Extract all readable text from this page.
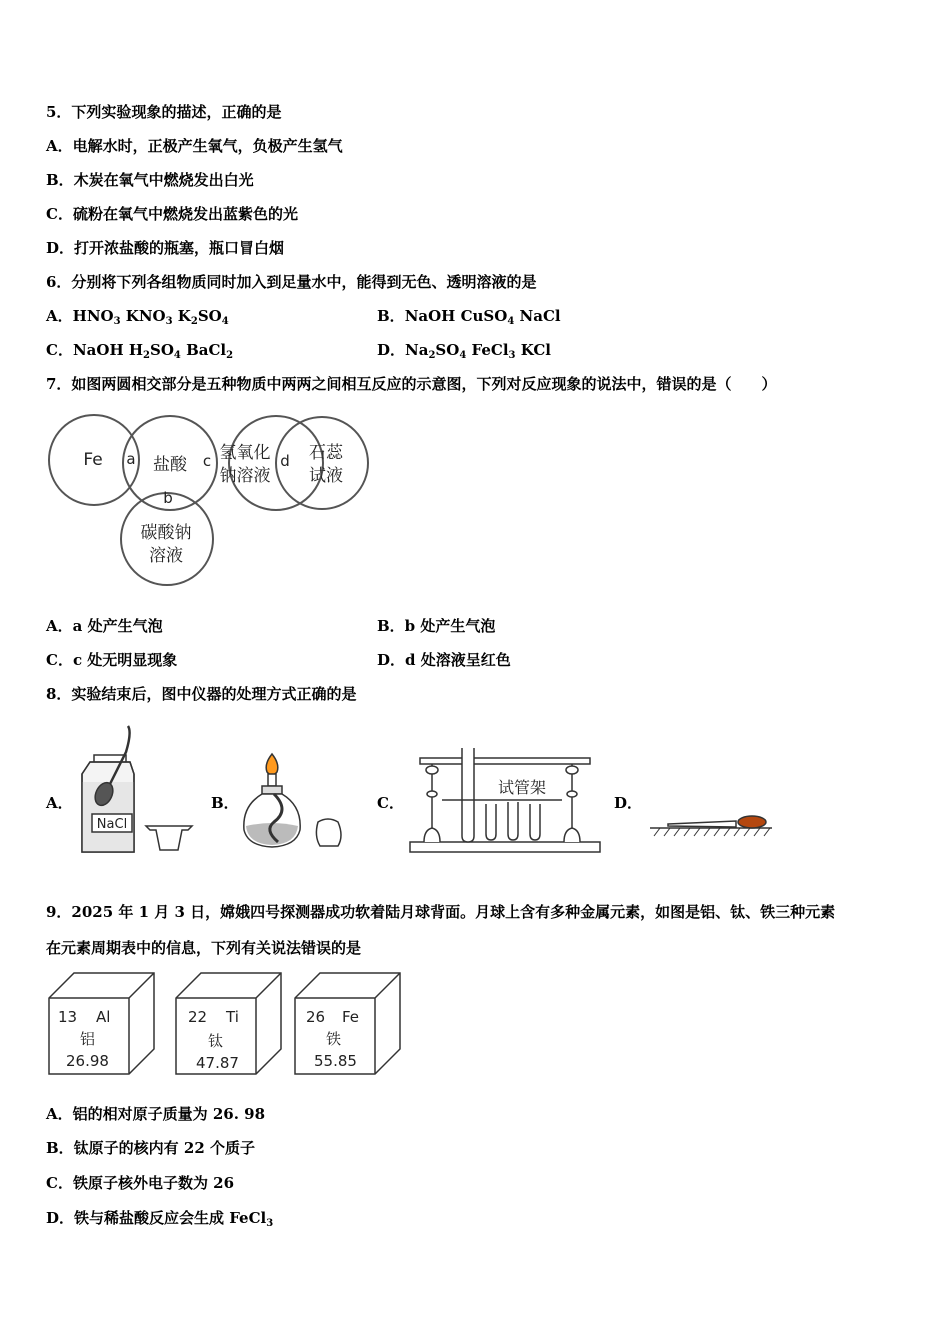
5．下列实验现象的描述，正确的是
A．电解水时，正极产生氧气，负极产生氢气
B．木炭在氧气中燃烧发出白光
C．硫粉在氧气中燃烧发出蓝紫色的光
D．打开浓盐酸的瓶塞，瓶口冒白烟
6．分别将下列各组物质同时加入到足量水中，能得到无色、透明溶液的是
A．$HNO_3$ $KNO_3$ $K_2SO_4$	B．NaOH CuSO$_4$ NaCl
C．NaOH $H_2SO_4$ BaCl$_2$	D．$Na_2SO_4$ FeCl$_3$ KCl
7．如图两圆相交部分是五种物质中两两之间相互反应的示意图，下列对反应现象的说法中，错误的是（　　）
Fe	盐酸
氢氧化
钠溶液
石蕊
试液
碳酸钠
溶液
a
b
c	d
A．a 处产生气泡	B．b 处产生气泡
C．c 处无明显现象	D．d 处溶液呈红色
8．实验结束后，图中仪器的处理方式正确的是
A．
NaCl
B．	C．
试管架
D．
9．2025 年 1 月 3 日，嫦娥四号探测器成功软着陆月球背面。月球上含有多种金属元素，如图是铝、钛、铁三种元素
在元素周期表中的信息，下列有关说法错误的是
13 Al
铝
26.98
22 Ti
钛
47.87
26 Fe
铁
55.85
A．铝的相对原子质量为 26. 98
B．钛原子的核内有 22 个质子
C．铁原子核外电子数为 26
D．铁与稀盐酸反应会生成 FeCl$_3$
